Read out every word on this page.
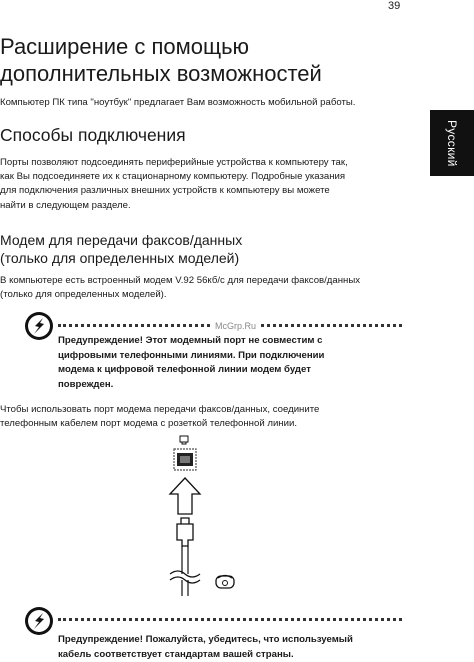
39
Расширение с помощью
дополнительных возможностей
Компьютер ПК типа "ноутбук" предлагает Вам возможность мобильной работы.
Русский
Способы подключения
Порты позволяют подсоединять периферийные устройства к компьютеру так,
как Вы подсоединяете их к стационарному компьютеру. Подробные указания
для подключения различных внешних устройств к компьютеру вы можете
найти в следующем разделе.
Модем для передачи факсов/данных
(только для определенных моделей)
В компьютере есть встроенный модем V.92 56кб/с для передачи факсов/данных
(только для определенных моделей).
McGrp.Ru
Предупреждение! Этот модемный порт не совместим с
цифровыми телефонными линиями. При подключении
модема к цифровой телефонной линии модем будет
поврежден.
Чтобы использовать порт модема передачи факсов/данных, соедините
телефонным кабелем порт модема с розеткой телефонной линии.
Предупреждение! Пожалуйста, убедитесь, что используемый
кабель соответствует стандартам вашей страны.
